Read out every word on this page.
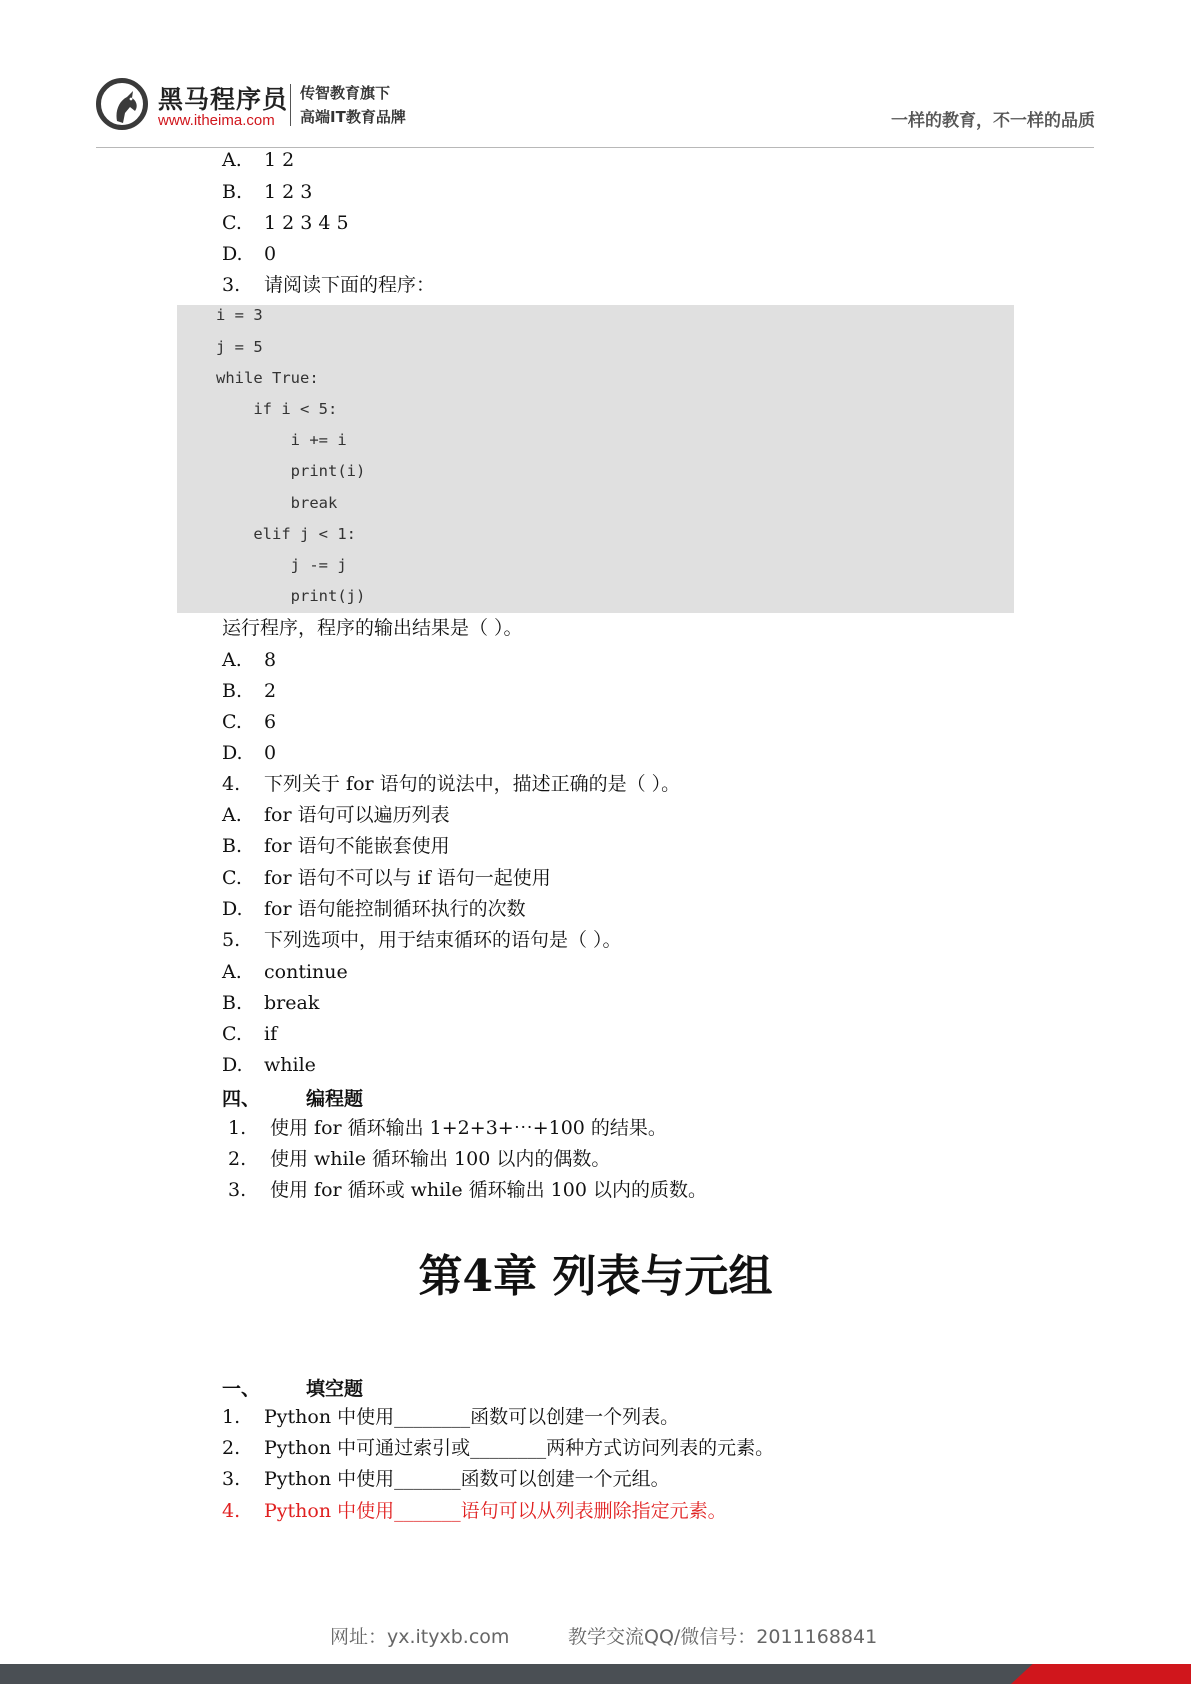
黑马程序员
www.itheima.com
传智教育旗下
高端IT教育品牌	一样的教育，不一样的品质
A. 1 2
B. 1 2 3
C. 1 2 3 4 5
D. 0
3. 请阅读下面的程序：
i = 3
j = 5
while True:
if i < 5:
i += i
print(i)
break
elif j < 1:
j -= j
print(j)
运行程序，程序的输出结果是（ ）。
A. 8
B. 2
C. 6
D. 0
4. 下列关于 for 语句的说法中，描述正确的是（ ）。
A. for 语句可以遍历列表
B. for 语句不能嵌套使用
C. for 语句不可以与 if 语句一起使用
D. for 语句能控制循环执行的次数
5. 下列选项中，用于结束循环的语句是（ ）。
A. continue
B. break
C. if
D. while
四、 编程题
1. 使用 for 循环输出 1+2+3+⋯+100 的结果。
2. 使用 while 循环输出 100 以内的偶数。
3. 使用 for 循环或 while 循环输出 100 以内的质数。
第4章 列表与元组
一、 填空题
1. Python 中使用________函数可以创建一个列表。
2. Python 中可通过索引或________两种方式访问列表的元素。
3. Python 中使用_______函数可以创建一个元组。
4. Python 中使用_______语句可以从列表删除指定元素。
网址：yx.ityxb.com	教学交流QQ/微信号：2011168841
